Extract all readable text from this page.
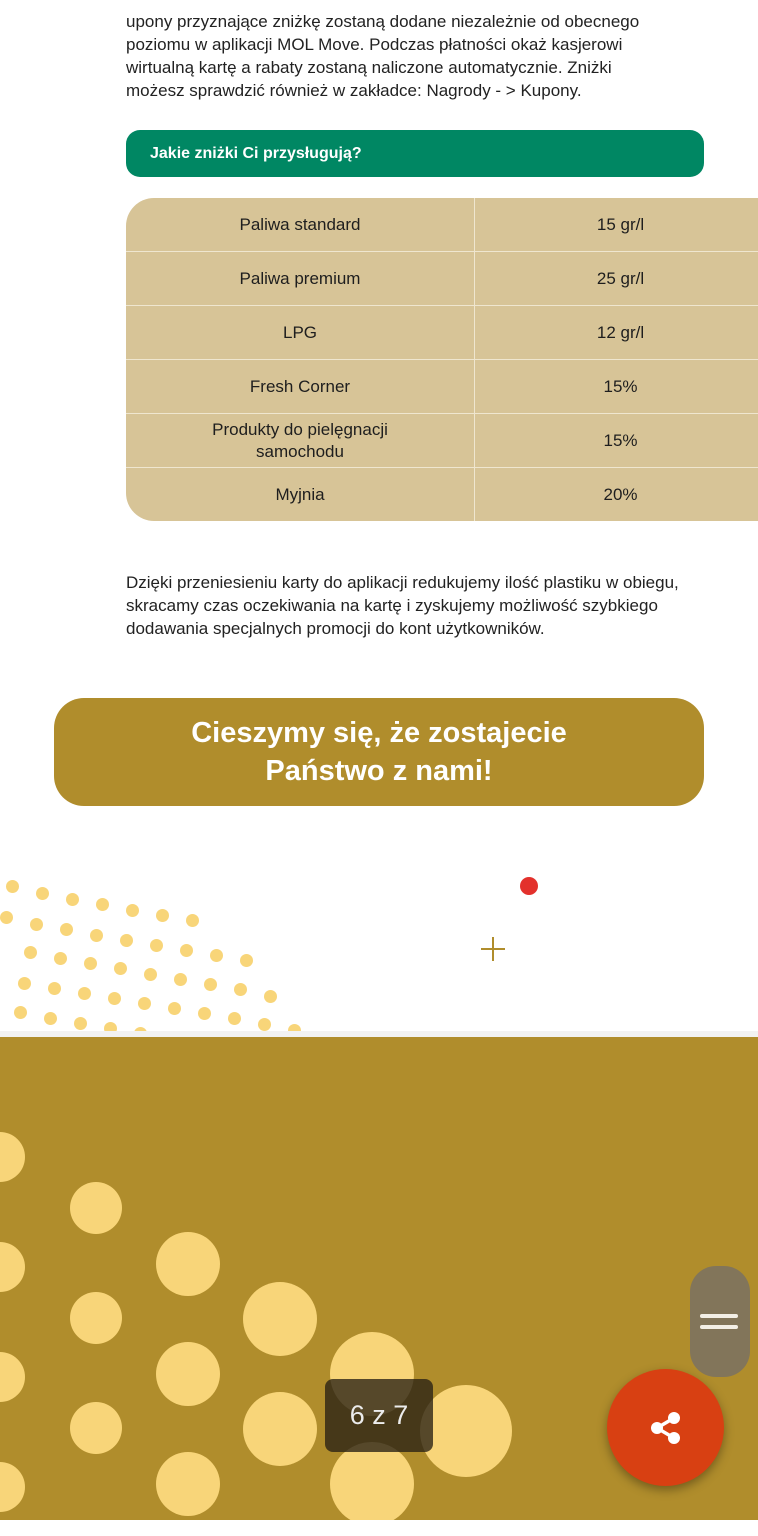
upony przyznające zniżkę zostaną dodane niezależnie od obecnego poziomu w aplikacji MOL Move. Podczas płatności okaż kasjerowi wirtualną kartę a rabaty zostaną naliczone automatycznie. Zniżki możesz sprawdzić również w zakładce: Nagrody - > Kupony.
Jakie zniżki Ci przysługują?
Paliwa standard	15 gr/l
Paliwa premium	25 gr/l
LPG	12 gr/l
Fresh Corner	15%
Produkty do pielęgnacji samochodu	15%
Myjnia	20%
Dzięki przeniesieniu karty do aplikacji redukujemy ilość plastiku w obiegu, skracamy czas oczekiwania na kartę i zyskujemy możliwość szybkiego dodawania specjalnych promocji do kont użytkowników.
Cieszymy się, że zostajecie
Państwo z nami!
6 z 7
